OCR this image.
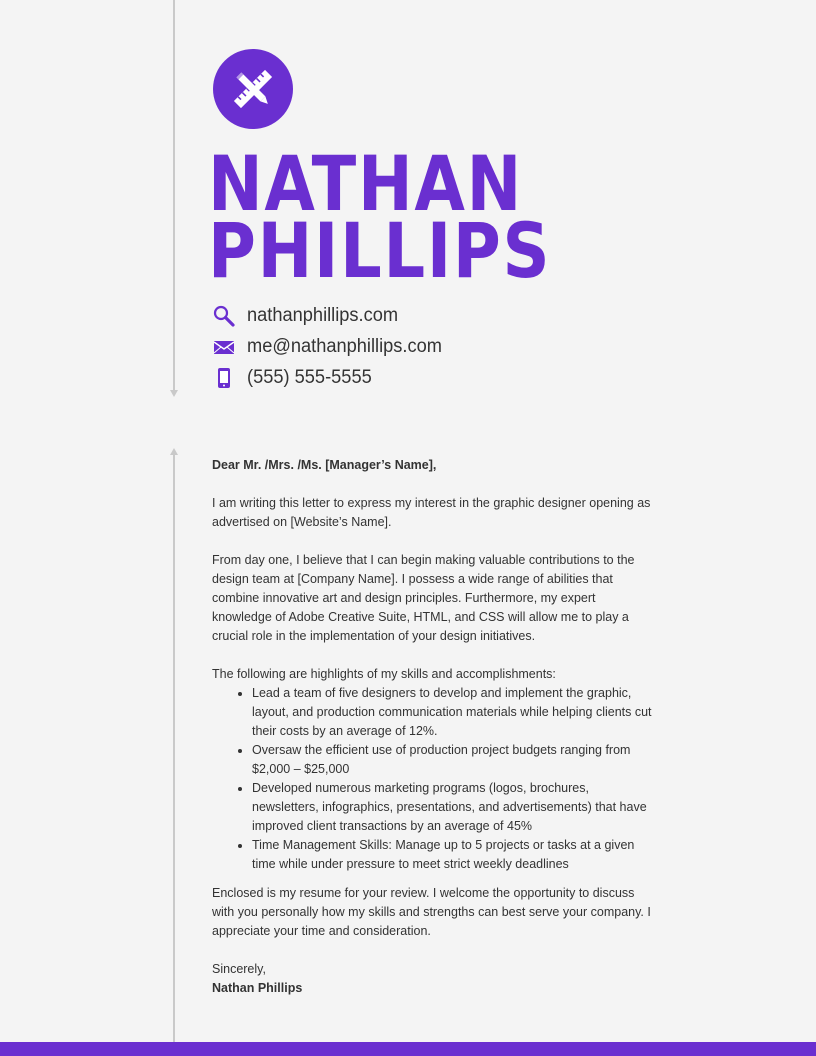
NATHAN
PHILLIPS
nathanphillips.com
me@nathanphillips.com
(555) 555-5555

Dear Mr. /Mrs. /Ms. [Manager’s Name],

I am writing this letter to express my interest in the graphic designer opening as advertised on [Website’s Name].

From day one, I believe that I can begin making valuable contributions to the design team at [Company Name]. I possess a wide range of abilities that combine innovative art and design principles. Furthermore, my expert knowledge of Adobe Creative Suite, HTML, and CSS will allow me to play a crucial role in the implementation of your design initiatives.

The following are highlights of my skills and accomplishments:

• Lead a team of five designers to develop and implement the graphic, layout, and production communication materials while helping clients cut their costs by an average of 12%.
• Oversaw the efficient use of production project budgets ranging from $2,000 – $25,000
• Developed numerous marketing programs (logos, brochures, newsletters, infographics, presentations, and advertisements) that have improved client transactions by an average of 45%
• Time Management Skills: Manage up to 5 projects or tasks at a given time while under pressure to meet strict weekly deadlines

Enclosed is my resume for your review. I welcome the opportunity to discuss with you personally how my skills and strengths can best serve your company. I appreciate your time and consideration.

Sincerely,

Nathan Phillips
